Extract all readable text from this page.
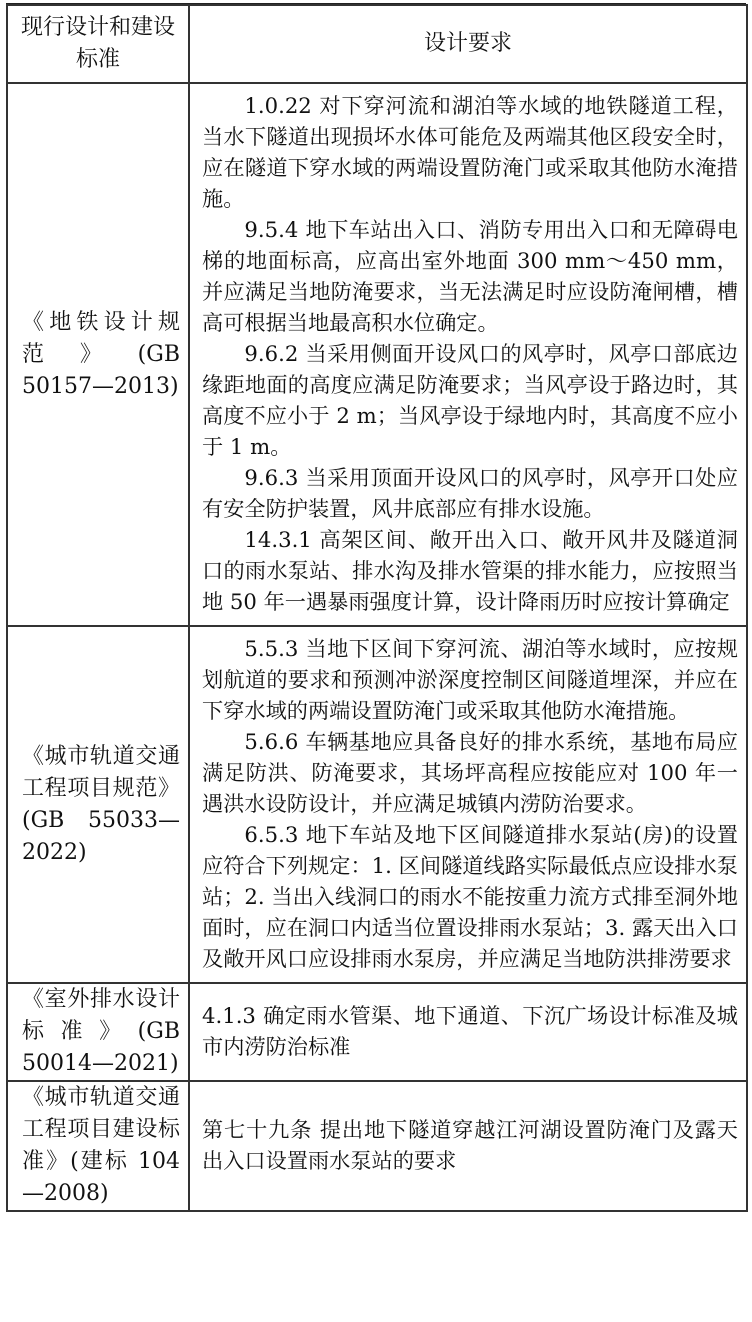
现行设计和建设标准	设计要求
《地铁设计规范》(GB 50157—2013)	1.0.22 对下穿河流和湖泊等水域的地铁隧道工程，当水下隧道出现损坏水体可能危及两端其他区段安全时，应在隧道下穿水域的两端设置防淹门或采取其他防水淹措施。

9.5.4 地下车站出入口、消防专用出入口和无障碍电梯的地面标高，应高出室外地面 300 mm～450 mm，并应满足当地防淹要求，当无法满足时应设防淹闸槽，槽高可根据当地最高积水位确定。

9.6.2 当采用侧面开设风口的风亭时，风亭口部底边缘距地面的高度应满足防淹要求；当风亭设于路边时，其高度不应小于 2 m；当风亭设于绿地内时，其高度不应小于 1 m。

9.6.3 当采用顶面开设风口的风亭时，风亭开口处应有安全防护装置，风井底部应有排水设施。

14.3.1 高架区间、敞开出入口、敞开风井及隧道洞口的雨水泵站、排水沟及排水管渠的排水能力，应按照当地 50 年一遇暴雨强度计算，设计降雨历时应按计算确定

《城市轨道交通工程项目规范》(GB 55033—2022)	5.5.3 当地下区间下穿河流、湖泊等水域时，应按规划航道的要求和预测冲淤深度控制区间隧道埋深，并应在下穿水域的两端设置防淹门或采取其他防水淹措施。

5.6.6 车辆基地应具备良好的排水系统，基地布局应满足防洪、防淹要求，其场坪高程应按能应对 100 年一遇洪水设防设计，并应满足城镇内涝防治要求。

6.5.3 地下车站及地下区间隧道排水泵站(房)的设置应符合下列规定：1. 区间隧道线路实际最低点应设排水泵站；2. 当出入线洞口的雨水不能按重力流方式排至洞外地面时，应在洞口内适当位置设排雨水泵站；3. 露天出入口及敞开风口应设排雨水泵房，并应满足当地防洪排涝要求

《室外排水设计标准》(GB 50014—2021)	4.1.3 确定雨水管渠、地下通道、下沉广场设计标准及城市内涝防治标准

《城市轨道交通工程项目建设标准》(建标 104—2008)	第七十九条 提出地下隧道穿越江河湖设置防淹门及露天出入口设置雨水泵站的要求
